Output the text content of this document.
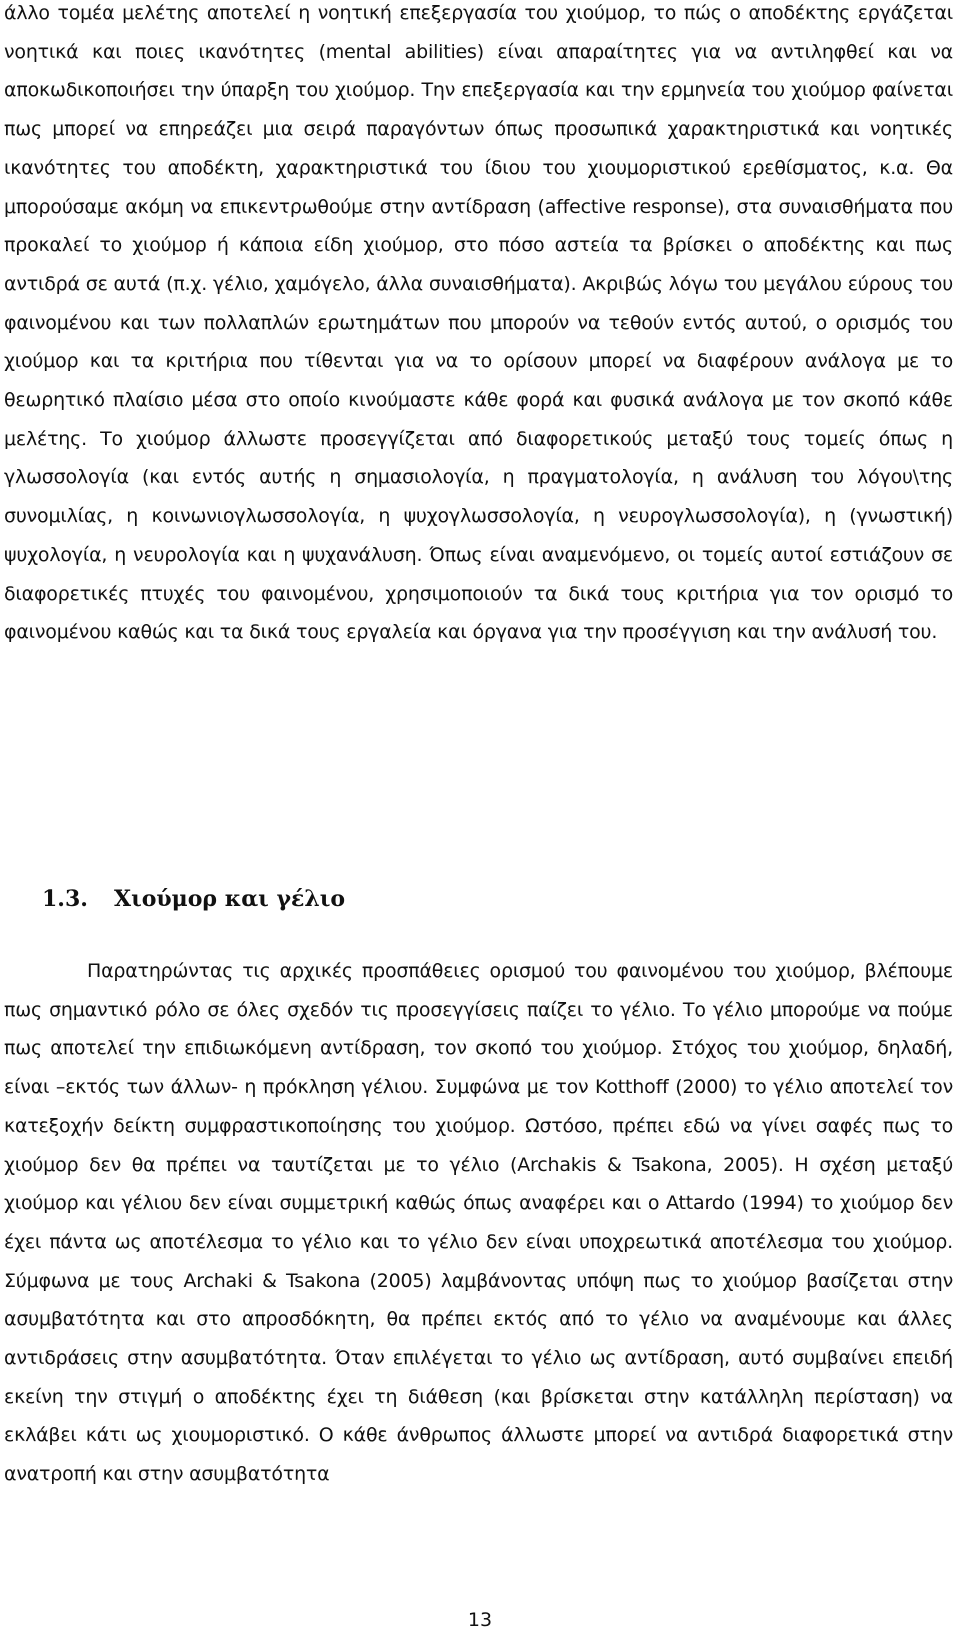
άλλο τομέα μελέτης αποτελεί η νοητική επεξεργασία του χιούμορ, το πώς ο αποδέκτης εργάζεται νοητικά και ποιες ικανότητες (mental abilities) είναι απαραίτητες για να αντιληφθεί και να αποκωδικοποιήσει την ύπαρξη του χιούμορ. Την επεξεργασία και την ερμηνεία του χιούμορ φαίνεται πως μπορεί να επηρεάζει μια σειρά παραγόντων όπως προσωπικά χαρακτηριστικά και νοητικές ικανότητες του αποδέκτη, χαρακτηριστικά του ίδιου του χιουμοριστικού ερεθίσματος, κ.α. Θα μπορούσαμε ακόμη να επικεντρωθούμε στην αντίδραση (affective response), στα συναισθήματα που προκαλεί το χιούμορ ή κάποια είδη χιούμορ, στο πόσο αστεία τα βρίσκει ο αποδέκτης και πως αντιδρά σε αυτά (π.χ. γέλιο, χαμόγελο, άλλα συναισθήματα). Ακριβώς λόγω του μεγάλου εύρους του φαινομένου και των πολλαπλών ερωτημάτων που μπορούν να τεθούν εντός αυτού, ο ορισμός του χιούμορ και τα κριτήρια που τίθενται για να το ορίσουν μπορεί να διαφέρουν ανάλογα με το θεωρητικό πλαίσιο μέσα στο οποίο κινούμαστε κάθε φορά και φυσικά ανάλογα με τον σκοπό κάθε μελέτης. Το χιούμορ άλλωστε προσεγγίζεται από διαφορετικούς μεταξύ τους τομείς όπως η γλωσσολογία (και εντός αυτής η σημασιολογία, η πραγματολογία, η ανάλυση του λόγου\της συνομιλίας, η κοινωνιογλωσσολογία, η ψυχογλωσσολογία, η νευρογλωσσολογία), η (γνωστική) ψυχολογία, η νευρολογία και η ψυχανάλυση. Όπως είναι αναμενόμενο, οι τομείς αυτοί εστιάζουν σε διαφορετικές πτυχές του φαινομένου, χρησιμοποιούν τα δικά τους κριτήρια για τον ορισμό το φαινομένου καθώς και τα δικά τους εργαλεία και όργανα για την προσέγγιση και την ανάλυσή του.

1.3. Χιούμορ και γέλιο

Παρατηρώντας τις αρχικές προσπάθειες ορισμού του φαινομένου του χιούμορ, βλέπουμε πως σημαντικό ρόλο σε όλες σχεδόν τις προσεγγίσεις παίζει το γέλιο. Το γέλιο μπορούμε να πούμε πως αποτελεί την επιδιωκόμενη αντίδραση, τον σκοπό του χιούμορ. Στόχος του χιούμορ, δηλαδή, είναι –εκτός των άλλων- η πρόκληση γέλιου. Συμφώνα με τον Kotthoff (2000) το γέλιο αποτελεί τον κατεξοχήν δείκτη συμφραστικοποίησης του χιούμορ. Ωστόσο, πρέπει εδώ να γίνει σαφές πως το χιούμορ δεν θα πρέπει να ταυτίζεται με το γέλιο (Archakis & Tsakona, 2005). Η σχέση μεταξύ χιούμορ και γέλιου δεν είναι συμμετρική καθώς όπως αναφέρει και ο Attardo (1994) το χιούμορ δεν έχει πάντα ως αποτέλεσμα το γέλιο και το γέλιο δεν είναι υποχρεωτικά αποτέλεσμα του χιούμορ. Σύμφωνα με τους Archaki & Tsakona (2005) λαμβάνοντας υπόψη πως το χιούμορ βασίζεται στην ασυμβατότητα και στο απροσδόκητη, θα πρέπει εκτός από το γέλιο να αναμένουμε και άλλες αντιδράσεις στην ασυμβατότητα. Όταν επιλέγεται το γέλιο ως αντίδραση, αυτό συμβαίνει επειδή εκείνη την στιγμή ο αποδέκτης έχει τη διάθεση (και βρίσκεται στην κατάλληλη περίσταση) να εκλάβει κάτι ως χιουμοριστικό. Ο κάθε άνθρωπος άλλωστε μπορεί να αντιδρά διαφορετικά στην ανατροπή και στην ασυμβατότητα

13
